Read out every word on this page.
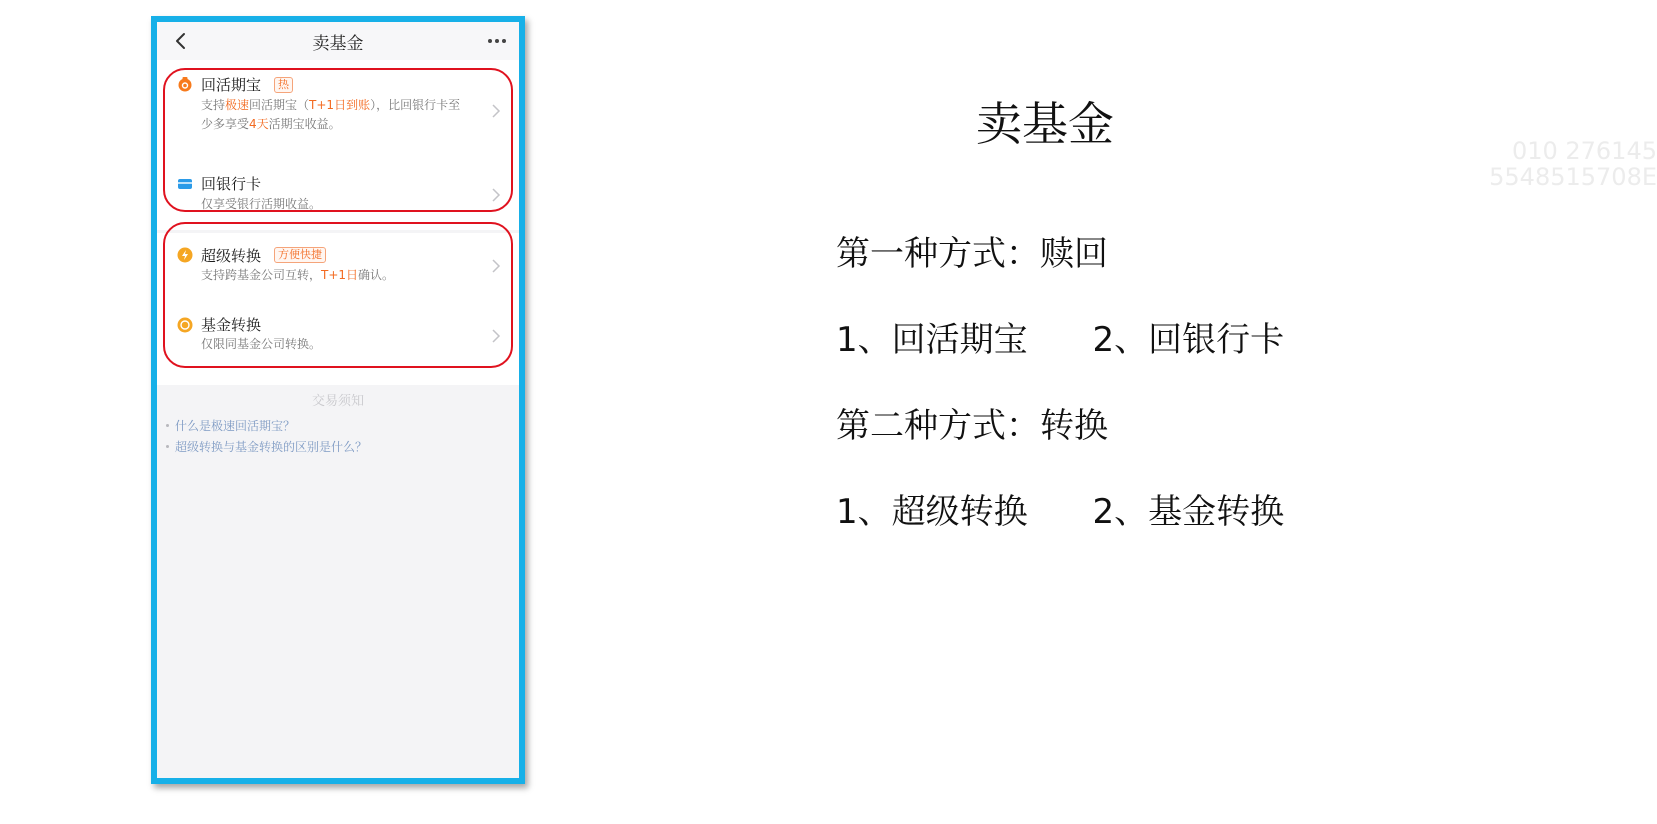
卖基金
回活期宝	热
支持极速回活期宝（T+1日到账），比回银行卡至少多享受4天活期宝收益。
回银行卡
仅享受银行活期收益。
超级转换	方便快捷
支持跨基金公司互转，T+1日确认。
基金转换
仅限同基金公司转换。
交易须知
什么是极速回活期宝？
超级转换与基金转换的区别是什么？
卖基金
第一种方式：赎回
1、回活期宝      2、回银行卡
第二种方式：转换
1、超级转换      2、基金转换
010 276145
5548515708E
